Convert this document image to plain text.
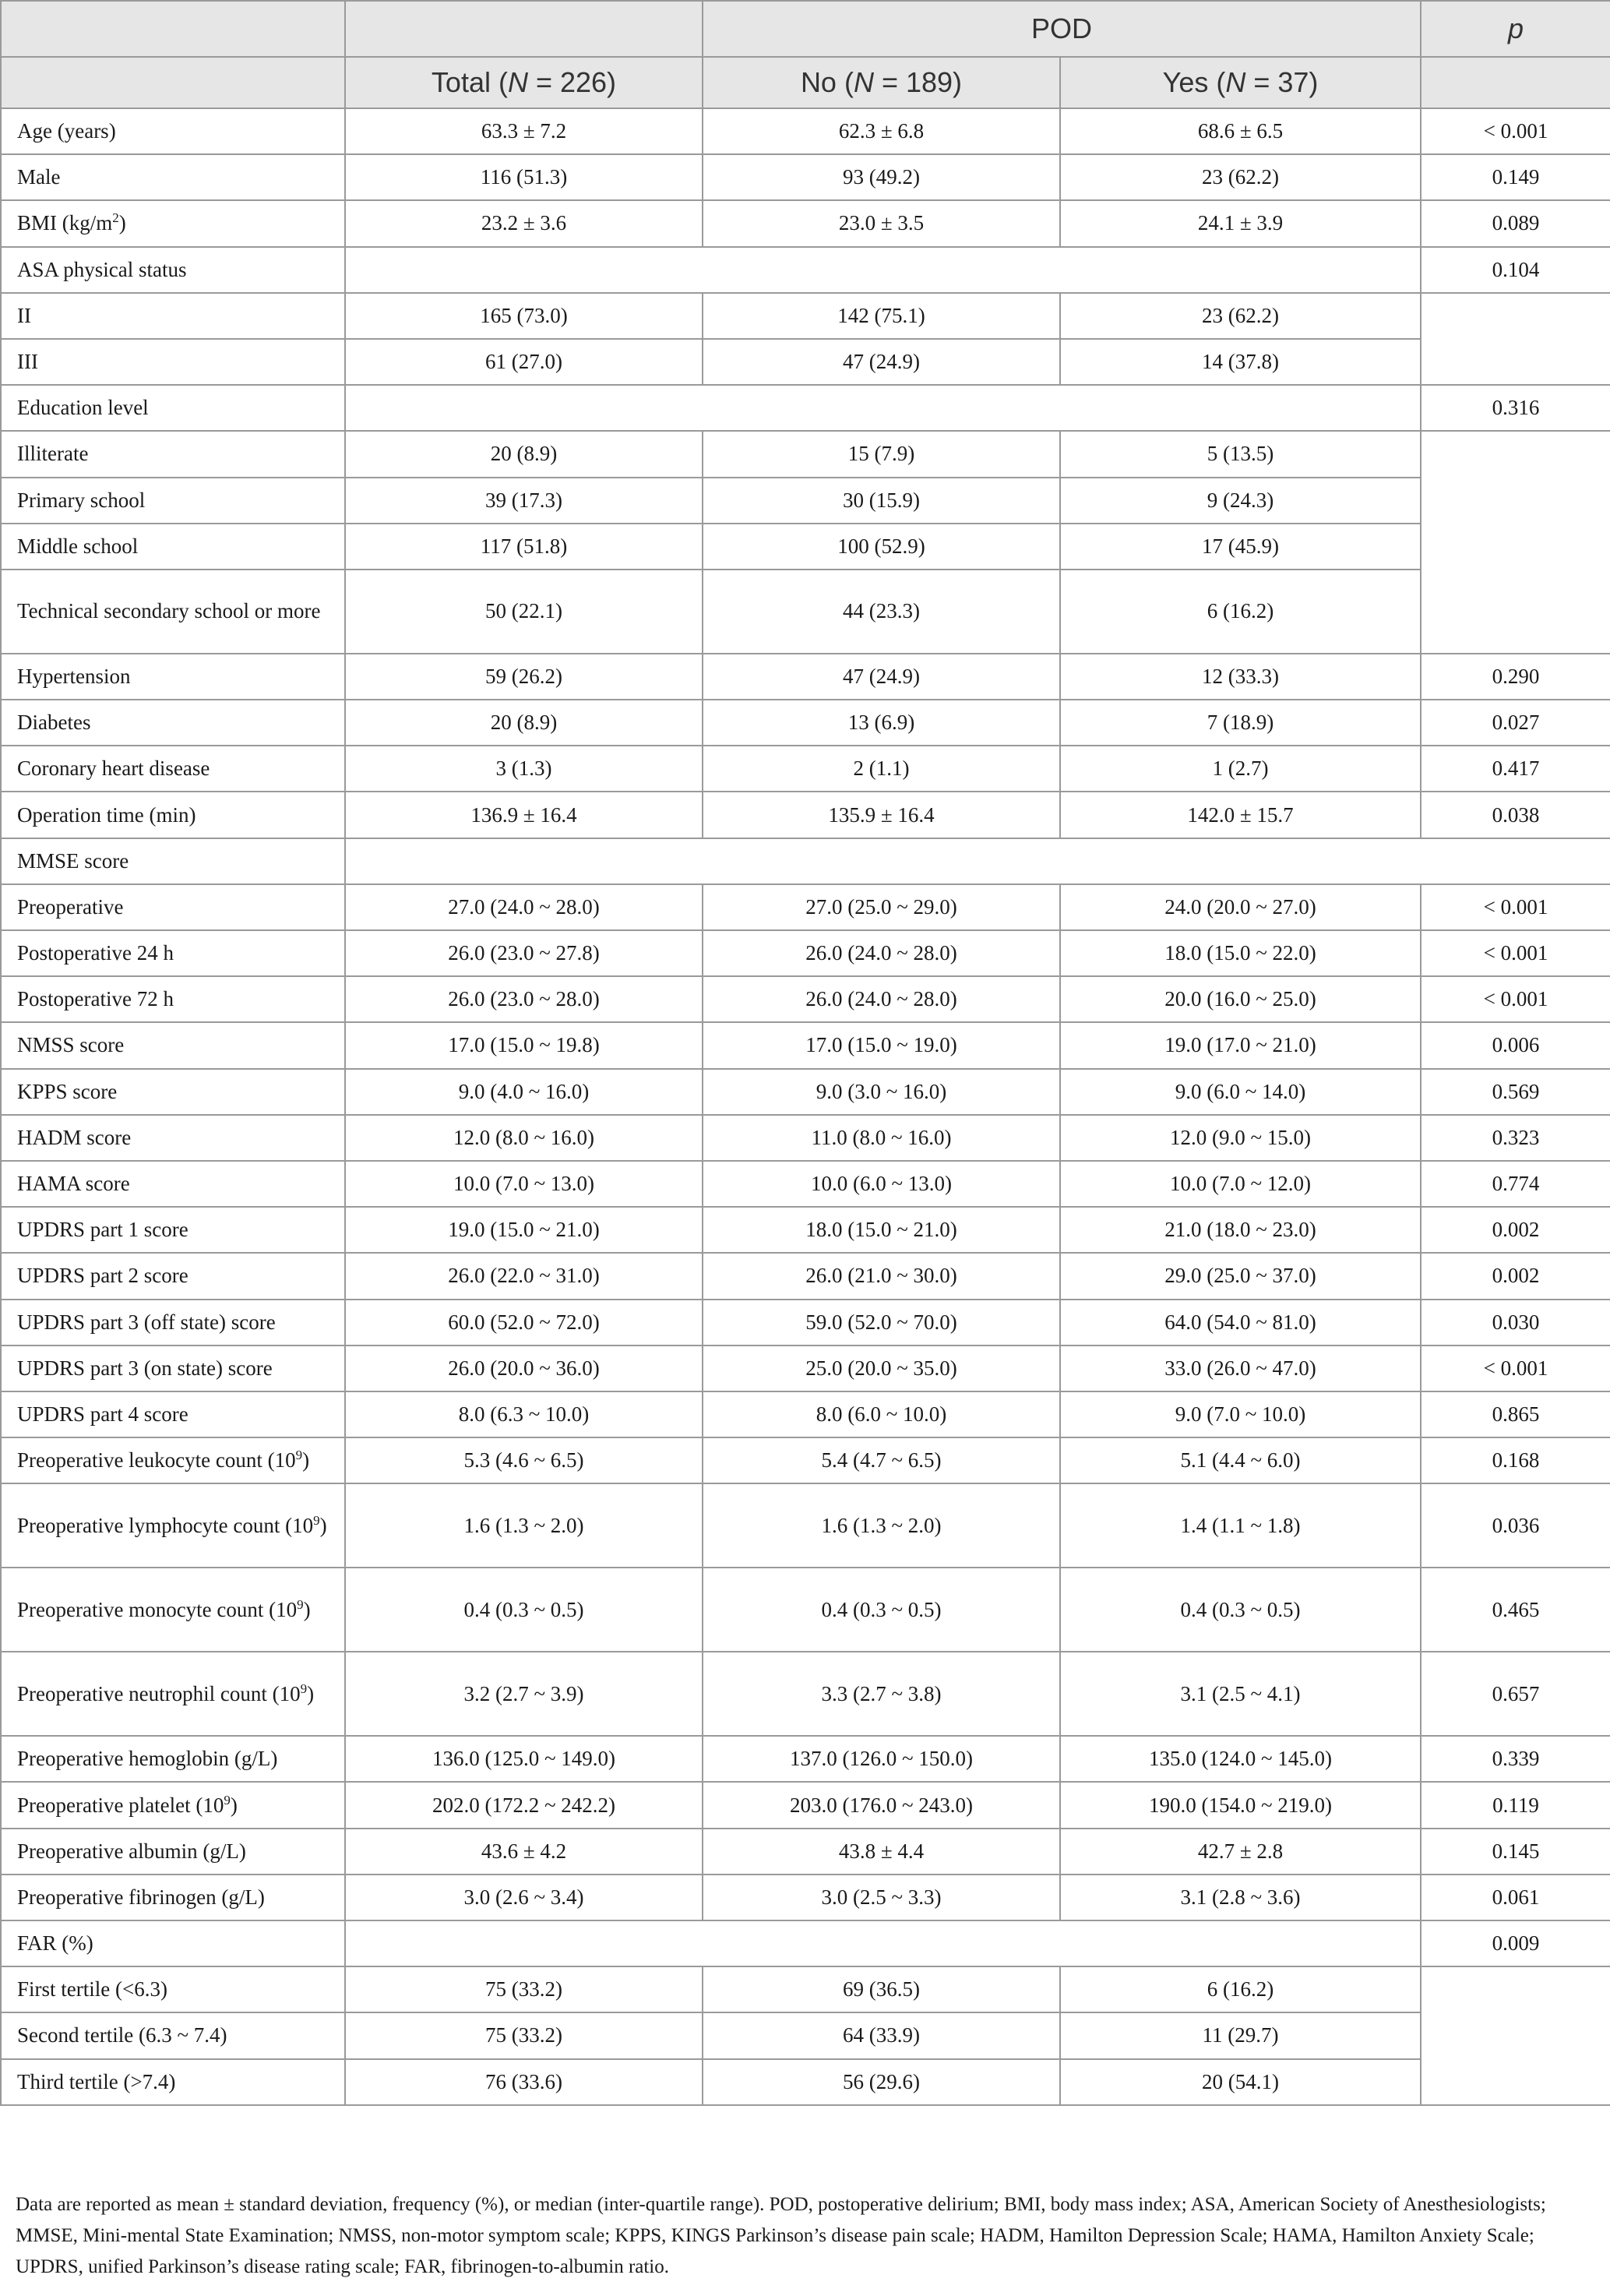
		POD		p
	Total (N = 226)	No (N = 189)	Yes (N = 37)	
Age (years)	63.3 ± 7.2	62.3 ± 6.8	68.6 ± 6.5	< 0.001
Male	116 (51.3)	93 (49.2)	23 (62.2)	0.149
BMI $(kg/m^2)$	23.2 ± 3.6	23.0 ± 3.5	24.1 ± 3.9	0.089
ASA physical status				0.104
II	165 (73.0)	142 (75.1)	23 (62.2)	
III	61 (27.0)	47 (24.9)	14 (37.8)	
Education level				0.316
Illiterate	20 (8.9)	15 (7.9)	5 (13.5)	
Primary school	39 (17.3)	30 (15.9)	9 (24.3)	
Middle school	117 (51.8)	100 (52.9)	17 (45.9)	
Technical secondary school or more	50 (22.1)	44 (23.3)	6 (16.2)	
Hypertension	59 (26.2)	47 (24.9)	12 (33.3)	0.290
Diabetes	20 (8.9)	13 (6.9)	7 (18.9)	0.027
Coronary heart disease	3 (1.3)	2 (1.1)	1 (2.7)	0.417
Operation time (min)	136.9 ± 16.4	135.9 ± 16.4	142.0 ± 15.7	0.038
MMSE score				
Preoperative	27.0 (24.0 ~ 28.0)	27.0 (25.0 ~ 29.0)	24.0 (20.0 ~ 27.0)	< 0.001
Postoperative 24 h	26.0 (23.0 ~ 27.8)	26.0 (24.0 ~ 28.0)	18.0 (15.0 ~ 22.0)	< 0.001
Postoperative 72 h	26.0 (23.0 ~ 28.0)	26.0 (24.0 ~ 28.0)	20.0 (16.0 ~ 25.0)	< 0.001
NMSS score	17.0 (15.0 ~ 19.8)	17.0 (15.0 ~ 19.0)	19.0 (17.0 ~ 21.0)	0.006
KPPS score	9.0 (4.0 ~ 16.0)	9.0 (3.0 ~ 16.0)	9.0 (6.0 ~ 14.0)	0.569
HADM score	12.0 (8.0 ~ 16.0)	11.0 (8.0 ~ 16.0)	12.0 (9.0 ~ 15.0)	0.323
HAMA score	10.0 (7.0 ~ 13.0)	10.0 (6.0 ~ 13.0)	10.0 (7.0 ~ 12.0)	0.774
UPDRS part 1 score	19.0 (15.0 ~ 21.0)	18.0 (15.0 ~ 21.0)	21.0 (18.0 ~ 23.0)	0.002
UPDRS part 2 score	26.0 (22.0 ~ 31.0)	26.0 (21.0 ~ 30.0)	29.0 (25.0 ~ 37.0)	0.002
UPDRS part 3 (off state) score	60.0 (52.0 ~ 72.0)	59.0 (52.0 ~ 70.0)	64.0 (54.0 ~ 81.0)	0.030
UPDRS part 3 (on state) score	26.0 (20.0 ~ 36.0)	25.0 (20.0 ~ 35.0)	33.0 (26.0 ~ 47.0)	< 0.001
UPDRS part 4 score	8.0 (6.3 ~ 10.0)	8.0 (6.0 ~ 10.0)	9.0 (7.0 ~ 10.0)	0.865
Preoperative leukocyte count $(10^9)$	5.3 (4.6 ~ 6.5)	5.4 (4.7 ~ 6.5)	5.1 (4.4 ~ 6.0)	0.168
Preoperative lymphocyte count $(10^9)$	1.6 (1.3 ~ 2.0)	1.6 (1.3 ~ 2.0)	1.4 (1.1 ~ 1.8)	0.036
Preoperative monocyte count $(10^9)$	0.4 (0.3 ~ 0.5)	0.4 (0.3 ~ 0.5)	0.4 (0.3 ~ 0.5)	0.465
Preoperative neutrophil count $(10^9)$	3.2 (2.7 ~ 3.9)	3.3 (2.7 ~ 3.8)	3.1 (2.5 ~ 4.1)	0.657
Preoperative hemoglobin (g/L)	136.0 (125.0 ~ 149.0)	137.0 (126.0 ~ 150.0)	135.0 (124.0 ~ 145.0)	0.339
Preoperative platelet $(10^9)$	202.0 (172.2 ~ 242.2)	203.0 (176.0 ~ 243.0)	190.0 (154.0 ~ 219.0)	0.119
Preoperative albumin (g/L)	43.6 ± 4.2	43.8 ± 4.4	42.7 ± 2.8	0.145
Preoperative fibrinogen (g/L)	3.0 (2.6 ~ 3.4)	3.0 (2.5 ~ 3.3)	3.1 (2.8 ~ 3.6)	0.061
FAR (%)				0.009
First tertile (<6.3)	75 (33.2)	69 (36.5)	6 (16.2)	
Second tertile (6.3 ~ 7.4)	75 (33.2)	64 (33.9)	11 (29.7)	
Third tertile (>7.4)	76 (33.6)	56 (29.6)	20 (54.1)	
Data are reported as mean ± standard deviation, frequency (%), or median (inter-quartile range). POD, postoperative delirium; BMI, body mass index; ASA, American Society of Anesthesiologists; MMSE, Mini-mental State Examination; NMSS, non-motor symptom scale; KPPS, KINGS Parkinson’s disease pain scale; HADM, Hamilton Depression Scale; HAMA, Hamilton Anxiety Scale; UPDRS, unified Parkinson’s disease rating scale; FAR, fibrinogen-to-albumin ratio.
